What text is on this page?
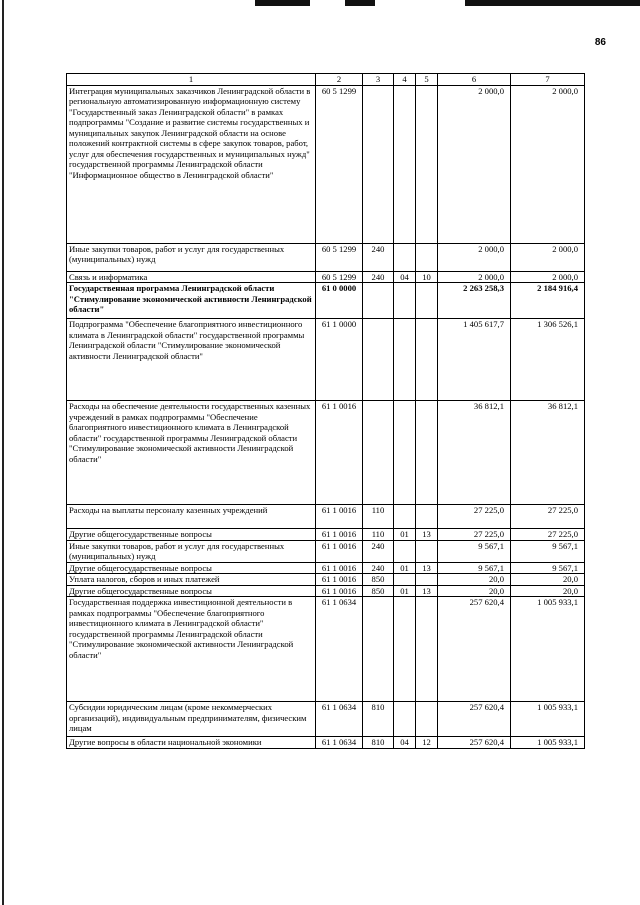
86
1	2	3	4	5	6	7
Интеграция муниципальных заказчиков Ленинградской области в региональную автоматизированную информационную систему "Государственный заказ Ленинградской области" в рамках подпрограммы "Создание и развитие системы государственных и муниципальных закупок Ленинградской области на основе положений контрактной системы в сфере закупок товаров, работ, услуг для обеспечения государственных и муниципальных нужд" государственной программы Ленинградской области "Информационное общество в Ленинградской области"	60 5 1299				2 000,0	2 000,0
Иные закупки товаров, работ и услуг для государственных (муниципальных) нужд	60 5 1299	240			2 000,0	2 000,0
Связь и информатика	60 5 1299	240	04	10	2 000,0	2 000,0
Государственная программа Ленинградской области "Стимулирование экономической активности Ленинградской области"	61 0 0000				2 263 258,3	2 184 916,4
Подпрограмма "Обеспечение благоприятного инвестиционного климата в Ленинградской области" государственной программы Ленинградской области "Стимулирование экономической активности Ленинградской области"	61 1 0000				1 405 617,7	1 306 526,1
Расходы на обеспечение деятельности государственных казенных учреждений в рамках подпрограммы "Обеспечение благоприятного инвестиционного климата в Ленинградской области" государственной программы Ленинградской области "Стимулирование экономической активности Ленинградской области"	61 1 0016				36 812,1	36 812,1
Расходы на выплаты персоналу казенных учреждений	61 1 0016	110			27 225,0	27 225,0
Другие общегосударственные вопросы	61 1 0016	110	01	13	27 225,0	27 225,0
Иные закупки товаров, работ и услуг для государственных (муниципальных) нужд	61 1 0016	240			9 567,1	9 567,1
Другие общегосударственные вопросы	61 1 0016	240	01	13	9 567,1	9 567,1
Уплата налогов, сборов и иных платежей	61 1 0016	850			20,0	20,0
Другие общегосударственные вопросы	61 1 0016	850	01	13	20,0	20,0
Государственная поддержка инвестиционной деятельности в рамках подпрограммы "Обеспечение благоприятного инвестиционного климата в Ленинградской области" государственной программы Ленинградской области "Стимулирование экономической активности Ленинградской области"	61 1 0634				257 620,4	1 005 933,1
Субсидии юридическим лицам (кроме некоммерческих организаций), индивидуальным предпринимателям, физическим лицам	61 1 0634	810			257 620,4	1 005 933,1
Другие вопросы в области национальной экономики	61 1 0634	810	04	12	257 620,4	1 005 933,1
